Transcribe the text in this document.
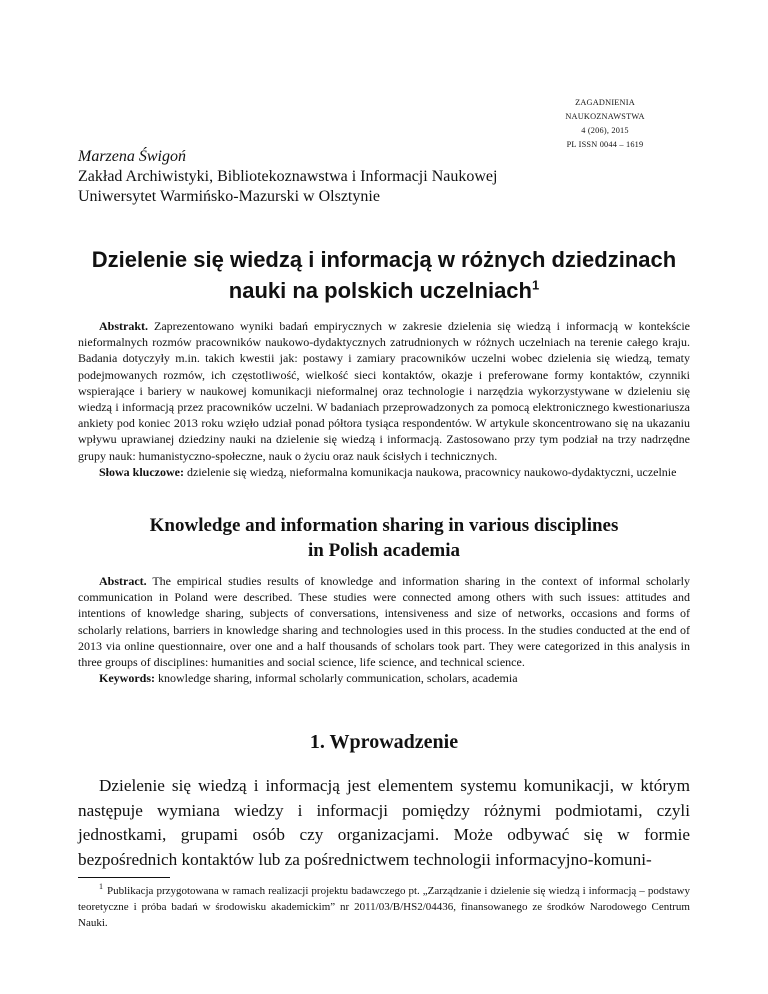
ZAGADNIENIA
NAUKOZNAWSTWA
4 (206), 2015
PL ISSN 0044 – 1619
Marzena Świgoń
Zakład Archiwistyki, Bibliotekoznawstwa i Informacji Naukowej
Uniwersytet Warmińsko-Mazurski w Olsztynie
Dzielenie się wiedzą i informacją w różnych dziedzinach nauki na polskich uczelniach$^1$

Abstrakt. Zaprezentowano wyniki badań empirycznych w zakresie dzielenia się wiedzą i informacją w kontekście nieformalnych rozmów pracowników naukowo-dydaktycznych zatrudnionych w różnych uczelniach na terenie całego kraju. Badania dotyczyły m.in. takich kwestii jak: postawy i zamiary pracowników uczelni wobec dzielenia się wiedzą, tematy podejmowanych rozmów, ich częstotliwość, wielkość sieci kontaktów, okazje i preferowane formy kontaktów, czynniki wspierające i bariery w naukowej komunikacji nieformalnej oraz technologie i narzędzia wykorzystywane w dzieleniu się wiedzą i informacją przez pracowników uczelni. W badaniach przeprowadzonych za pomocą elektronicznego kwestionariusza ankiety pod koniec 2013 roku wzięło udział ponad półtora tysiąca respondentów. W artykule skoncentrowano się na ukazaniu wpływu uprawianej dziedziny nauki na dzielenie się wiedzą i informacją. Zastosowano przy tym podział na trzy nadrzędne grupy nauk: humanistyczno-społeczne, nauk o życiu oraz nauk ścisłych i technicznych.

Słowa kluczowe: dzielenie się wiedzą, nieformalna komunikacja naukowa, pracownicy naukowo-dydaktyczni, uczelnie

Knowledge and information sharing in various disciplines
in Polish academia

Abstract. The empirical studies results of knowledge and information sharing in the context of informal scholarly communication in Poland were described. These studies were connected among others with such issues: attitudes and intentions of knowledge sharing, subjects of conversations, intensiveness and size of networks, occasions and forms of scholarly relations, barriers in knowledge sharing and technologies used in this process. In the studies conducted at the end of 2013 via online questionnaire, over one and a half thousands of scholars took part. They were categorized in this analysis in three groups of disciplines: humanities and social science, life science, and technical science.

Keywords: knowledge sharing, informal scholarly communication, scholars, academia

1. Wprowadzenie

Dzielenie się wiedzą i informacją jest elementem systemu komunikacji, w którym następuje wymiana wiedzy i informacji pomiędzy różnymi podmiotami, czyli jednostkami, grupami osób czy organizacjami. Może odbywać się w formie bezpośrednich kontaktów lub za pośrednictwem technologii informacyjno-komuni-

$^1$ Publikacja przygotowana w ramach realizacji projektu badawczego pt. „Zarządzanie i dzielenie się wiedzą i informacją – podstawy teoretyczne i próba badań w środowisku akademickim” nr 2011/03/B/HS2/04436, finansowanego ze środków Narodowego Centrum Nauki.
